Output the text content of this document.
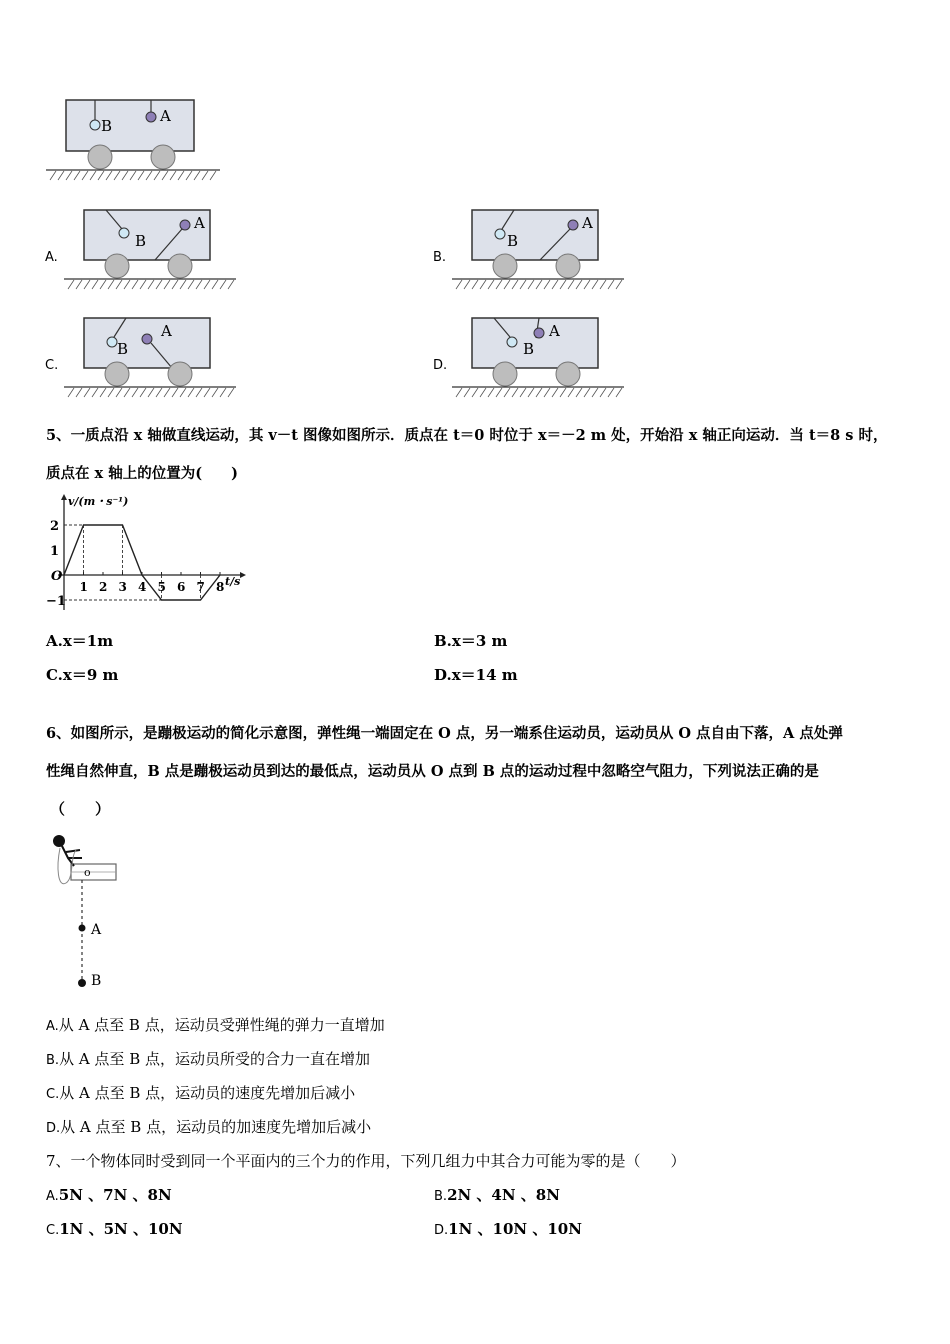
B
A
A.
B
A
B.
B
A
C.
B
A
D.
B
A
5、一质点沿 x 轴做直线运动，其 v－t 图像如图所示．质点在 t＝0 时位于 x＝－2 m 处，开始沿 x 轴正向运动．当 t＝8 s 时，
质点在 x 轴上的位置为(　　)
2
1
−1
1 2 3 4 5 6 7 8
v/(m・s⁻¹)
t/s
O
A.x＝1m	B.x＝3 m
C.x＝9 m	D.x＝14 m
6、如图所示，是蹦极运动的简化示意图，弹性绳一端固定在 O 点，另一端系住运动员，运动员从 O 点自由下落，A 点处弹
性绳自然伸直，B 点是蹦极运动员到达的最低点，运动员从 O 点到 B 点的运动过程中忽略空气阻力，下列说法正确的是
（　　）
o
A
B
A.从 A 点至 B 点，运动员受弹性绳的弹力一直增加
B.从 A 点至 B 点，运动员所受的合力一直在增加
C.从 A 点至 B 点，运动员的速度先增加后减小
D.从 A 点至 B 点，运动员的加速度先增加后减小
7、一个物体同时受到同一个平面内的三个力的作用，下列几组力中其合力可能为零的是（　　）
A.5N 、7N 、8N	B.2N 、4N 、8N
C.1N 、5N 、10N	D.1N 、10N 、10N
